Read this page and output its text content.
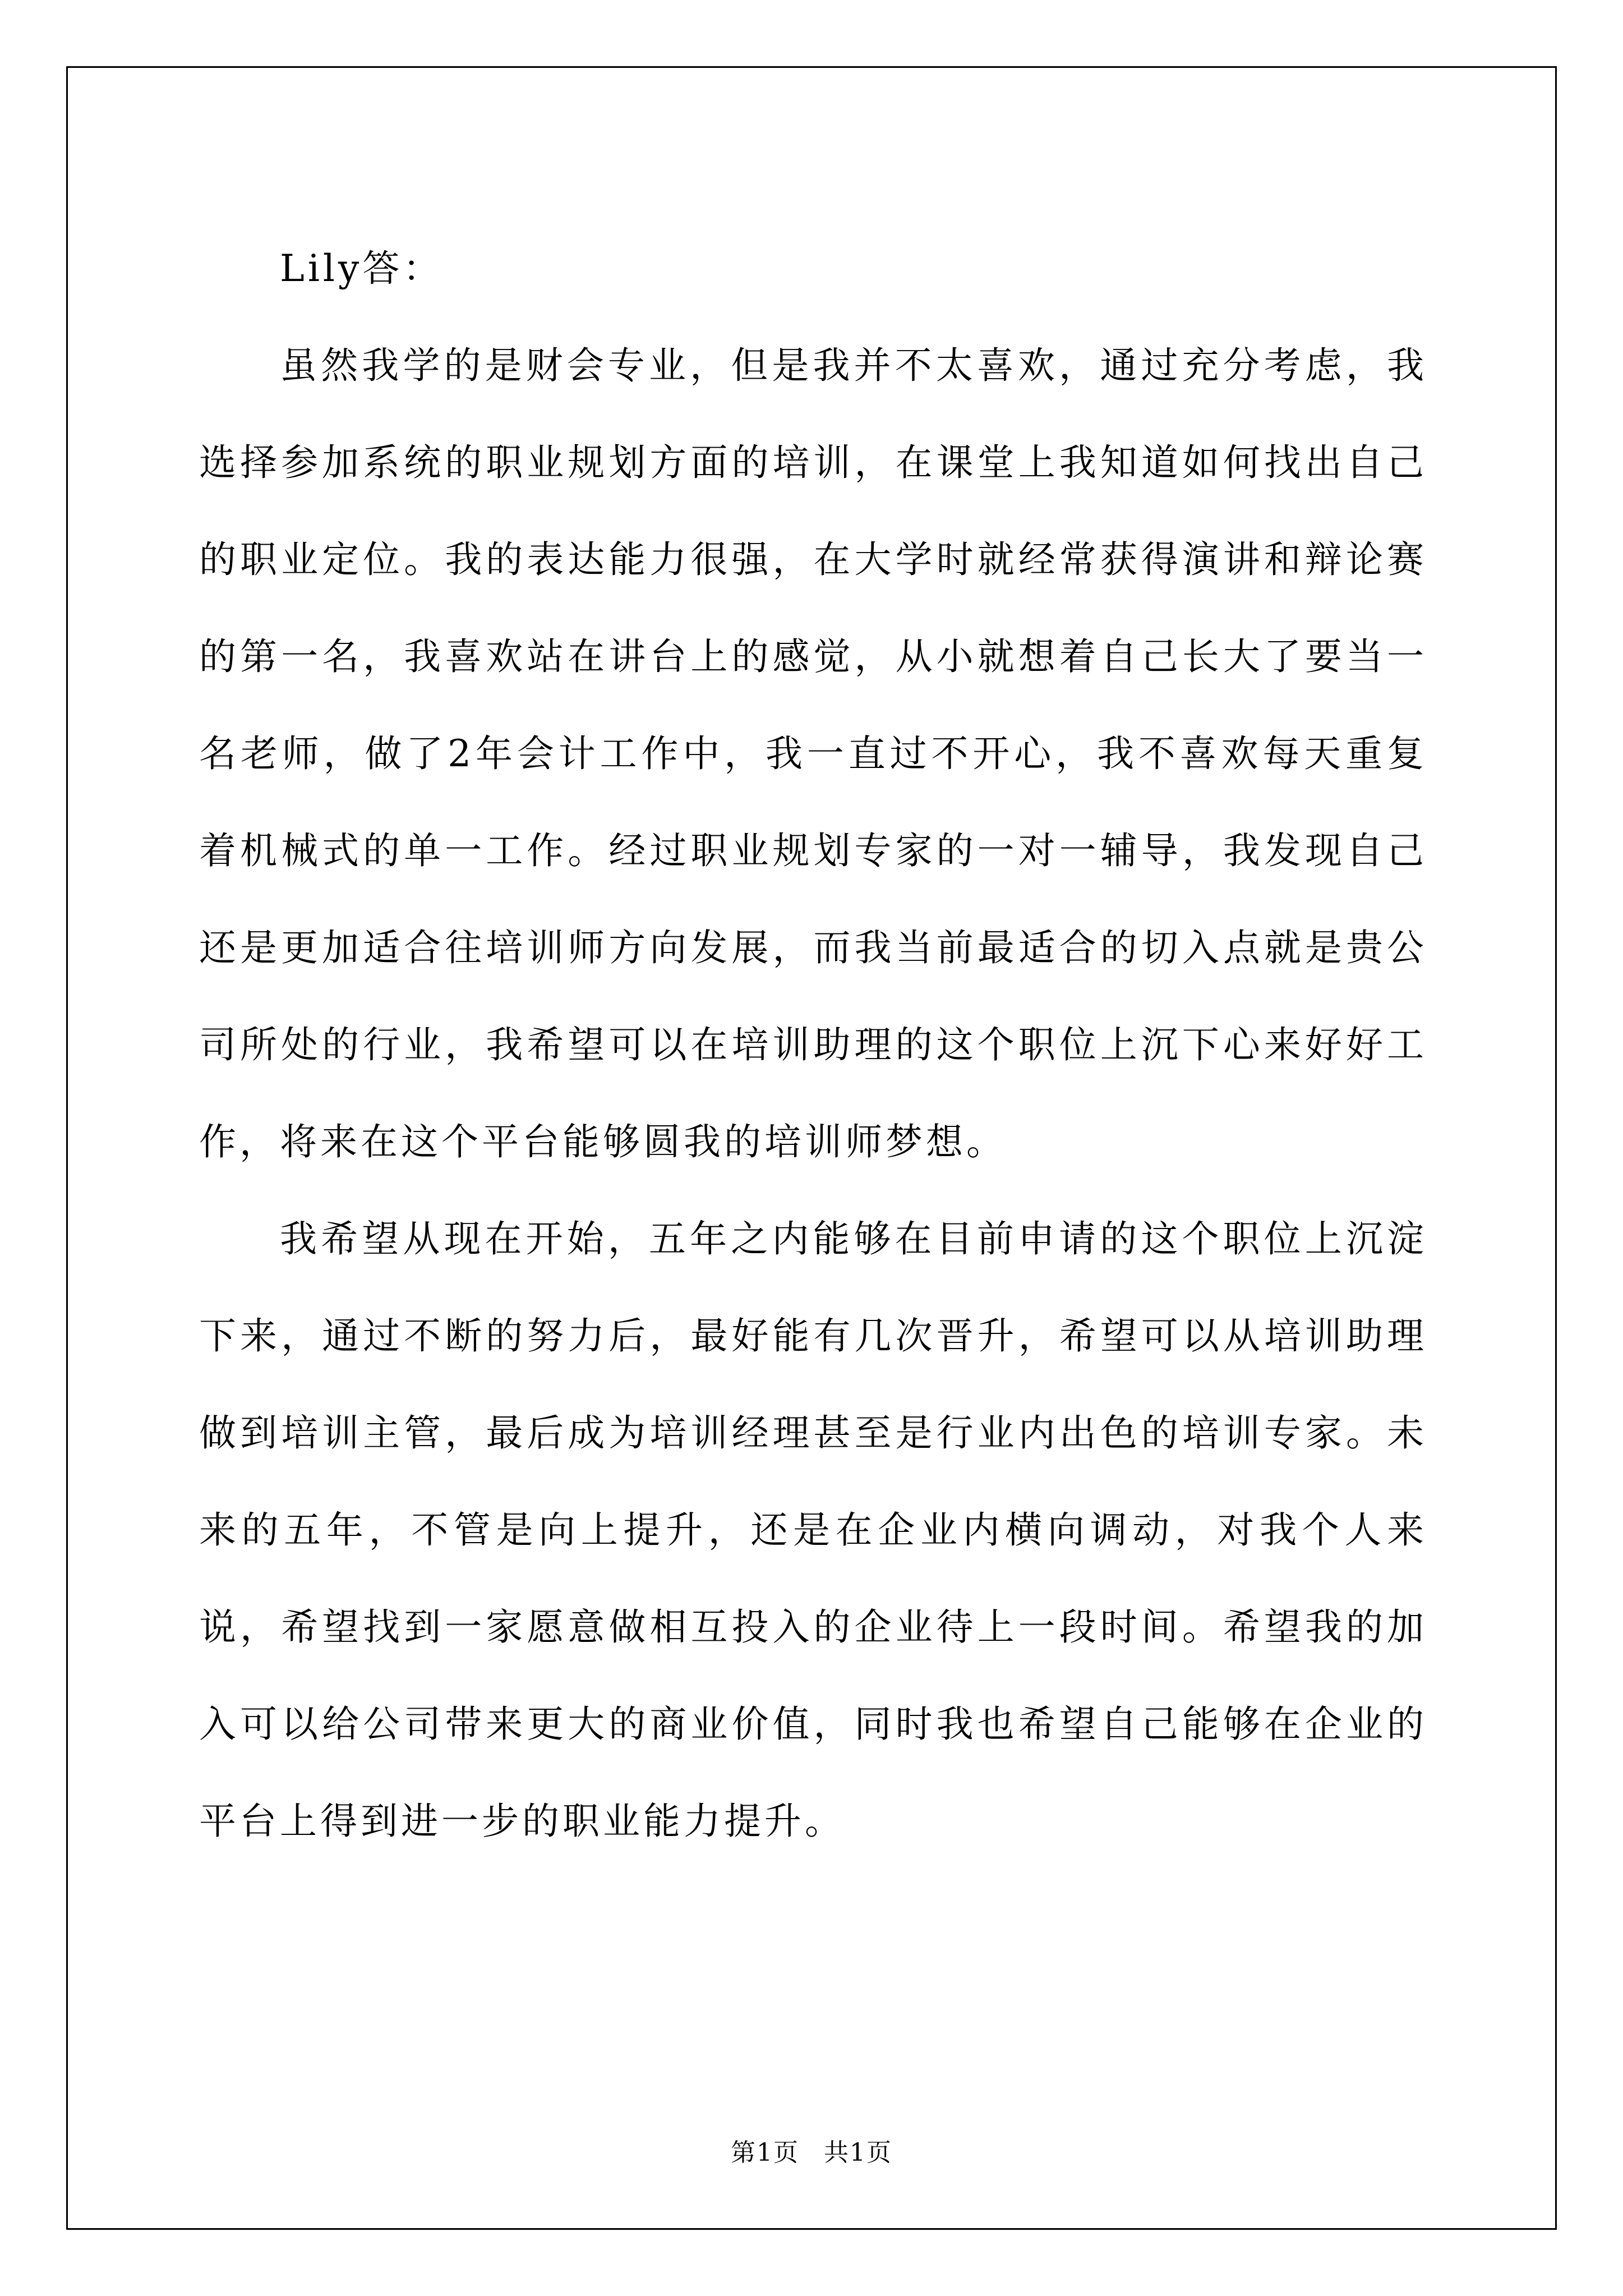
Lily答：

虽然我学的是财会专业，但是我并不太喜欢，通过充分考虑，我选择参加系统的职业规划方面的培训，在课堂上我知道如何找出自己的职业定位。我的表达能力很强，在大学时就经常获得演讲和辩论赛的第一名，我喜欢站在讲台上的感觉，从小就想着自己长大了要当一名老师，做了2年会计工作中，我一直过不开心，我不喜欢每天重复着机械式的单一工作。经过职业规划专家的一对一辅导，我发现自己还是更加适合往培训师方向发展，而我当前最适合的切入点就是贵公司所处的行业，我希望可以在培训助理的这个职位上沉下心来好好工作，将来在这个平台能够圆我的培训师梦想。

我希望从现在开始，五年之内能够在目前申请的这个职位上沉淀下来，通过不断的努力后，最好能有几次晋升，希望可以从培训助理做到培训主管，最后成为培训经理甚至是行业内出色的培训专家。未来的五年，不管是向上提升，还是在企业内横向调动，对我个人来说，希望找到一家愿意做相互投入的企业待上一段时间。希望我的加入可以给公司带来更大的商业价值，同时我也希望自己能够在企业的平台上得到进一步的职业能力提升。

第1页 共1页
